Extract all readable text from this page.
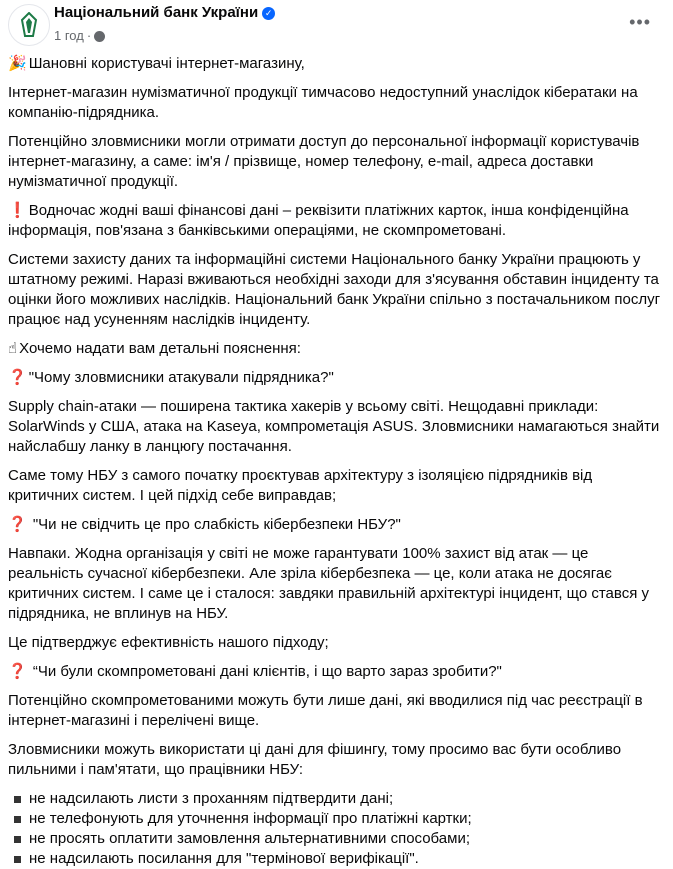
Національний банк України ✓
1 год ·
•••

🎉 Шановні користувачі інтернет-магазину,

Інтернет-магазин нумізматичної продукції тимчасово недоступний унаслідок кібератаки на компанію-підрядника.

Потенційно зловмисники могли отримати доступ до персональної інформації користувачів інтернет-магазину, а саме: ім'я / прізвище, номер телефону, e-mail, адреса доставки нумізматичної продукції.

❗ Водночас жодні ваші фінансові дані – реквізити платіжних карток, інша конфіденційна інформація, пов'язана з банківськими операціями, не скомпрометовані.

Системи захисту даних та інформаційні системи Національного банку України працюють у штатному режимі. Наразі вживаються необхідні заходи для з'ясування обставин інциденту та оцінки його можливих наслідків. Національний банк України спільно з постачальником послуг працює над усуненням наслідків інциденту.

☝ Хочемо надати вам детальні пояснення:

❓ "Чому зловмисники атакували підрядника?"

Supply chain-атаки — поширена тактика хакерів у всьому світі. Нещодавні приклади: SolarWinds у США, атака на Kaseya, компрометація ASUS. Зловмисники намагаються знайти найслабшу ланку в ланцюгу постачання.

Саме тому НБУ з самого початку проєктував архітектуру з ізоляцією підрядників від критичних систем. І цей підхід себе виправдав;

❓ "Чи не свідчить це про слабкість кібербезпеки НБУ?"

Навпаки. Жодна організація у світі не може гарантувати 100% захист від атак — це реальність сучасної кібербезпеки. Але зріла кібербезпека — це, коли атака не досягає критичних систем. І саме це і сталося: завдяки правильній архітектурі інцидент, що стався у підрядника, не вплинув на НБУ.

Це підтверджує ефективність нашого підходу;

❓ “Чи були скомпрометовані дані клієнтів, і що варто зараз зробити?"

Потенційно скомпрометованими можуть бути лише дані, які вводилися під час реєстрації в інтернет-магазині і перелічені вище.

Зловмисники можуть використати ці дані для фішингу, тому просимо вас бути особливо пильними і пам'ятати, що працівники НБУ:

не надсилають листи з проханням підтвердити дані;
не телефонують для уточнення інформації про платіжні картки;
не просять оплатити замовлення альтернативними способами;
не надсилають посилання для "термінової верифікації".
